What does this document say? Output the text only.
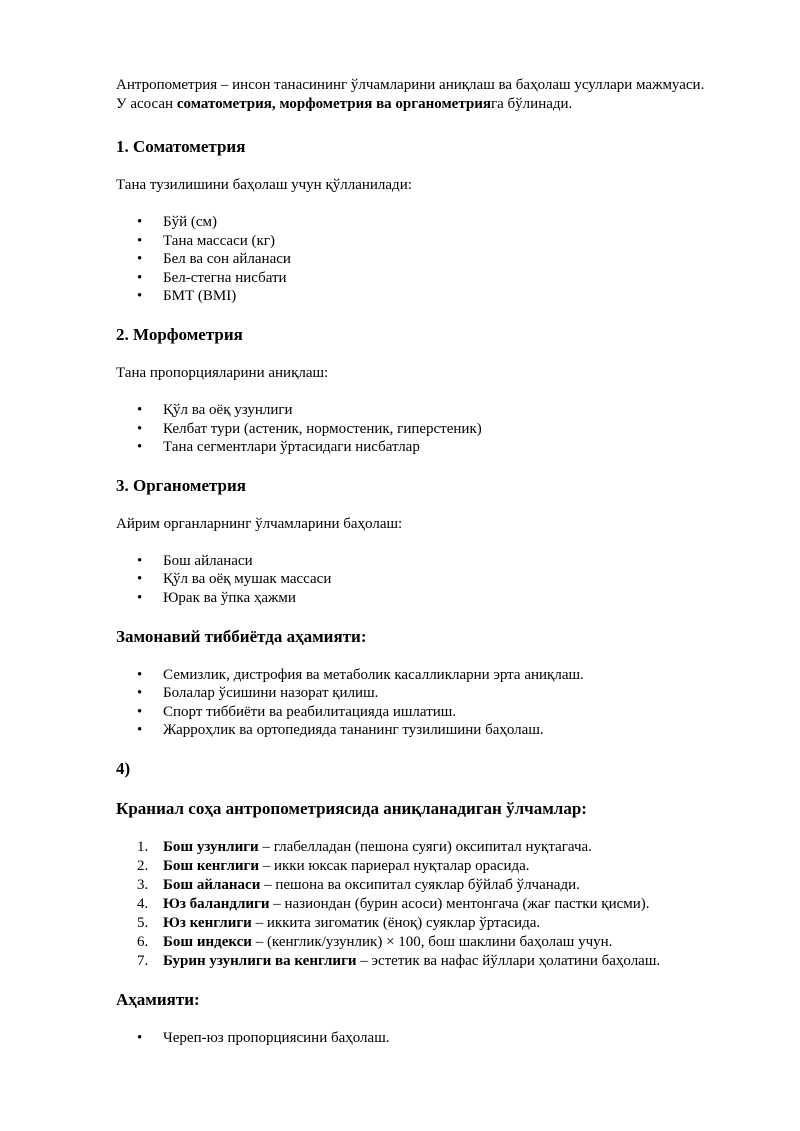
Антропометрия – инсон танасининг ўлчамларини аниқлаш ва баҳолаш усуллари мажмуаси. У асосан соматометрия, морфометрия ва органометрияга бўлинади.

1. Соматометрия

Тана тузилишини баҳолаш учун қўлланилади:

• Бўй (см)
• Тана массаси (кг)
• Бел ва сон айланаси
• Бел-стегна нисбати
• БМТ (BMI)
2. Морфометрия

Тана пропорцияларини аниқлаш:

• Қўл ва оёқ узунлиги
• Келбат тури (астеник, нормостеник, гиперстеник)
• Тана сегментлари ўртасидаги нисбатлар
3. Органометрия

Айрим органларнинг ўлчамларини баҳолаш:

• Бош айланаси
• Қўл ва оёқ мушак массаси
• Юрак ва ўпка ҳажми
Замонавий тиббиётда аҳамияти:
• Семизлик, дистрофия ва метаболик касалликларни эрта аниқлаш.
• Болалар ўсишини назорат қилиш.
• Спорт тиббиёти ва реабилитацияда ишлатиш.
• Жарроҳлик ва ортопедияда тананинг тузилишини баҳолаш.
4)
Краниал соҳа антропометриясида аниқланадиган ўлчамлар:
1. Бош узунлиги – глабелладан (пешона суяги) оксипитал нуқтагача.
2. Бош кенглиги – икки юксак париерал нуқталар орасида.
3. Бош айланаси – пешона ва оксипитал суяклар бўйлаб ўлчанади.
4. Юз баландлиги – назиондан (бурин асоси) ментонгача (жағ пастки қисми).
5. Юз кенглиги – иккита зигоматик (ёноқ) суяклар ўртасида.
6. Бош индекси – (кенглик/узунлик) × 100, бош шаклини баҳолаш учун.
7. Бурин узунлиги ва кенглиги – эстетик ва нафас йўллари ҳолатини баҳолаш.
Аҳамияти:
• Череп-юз пропорциясини баҳолаш.
